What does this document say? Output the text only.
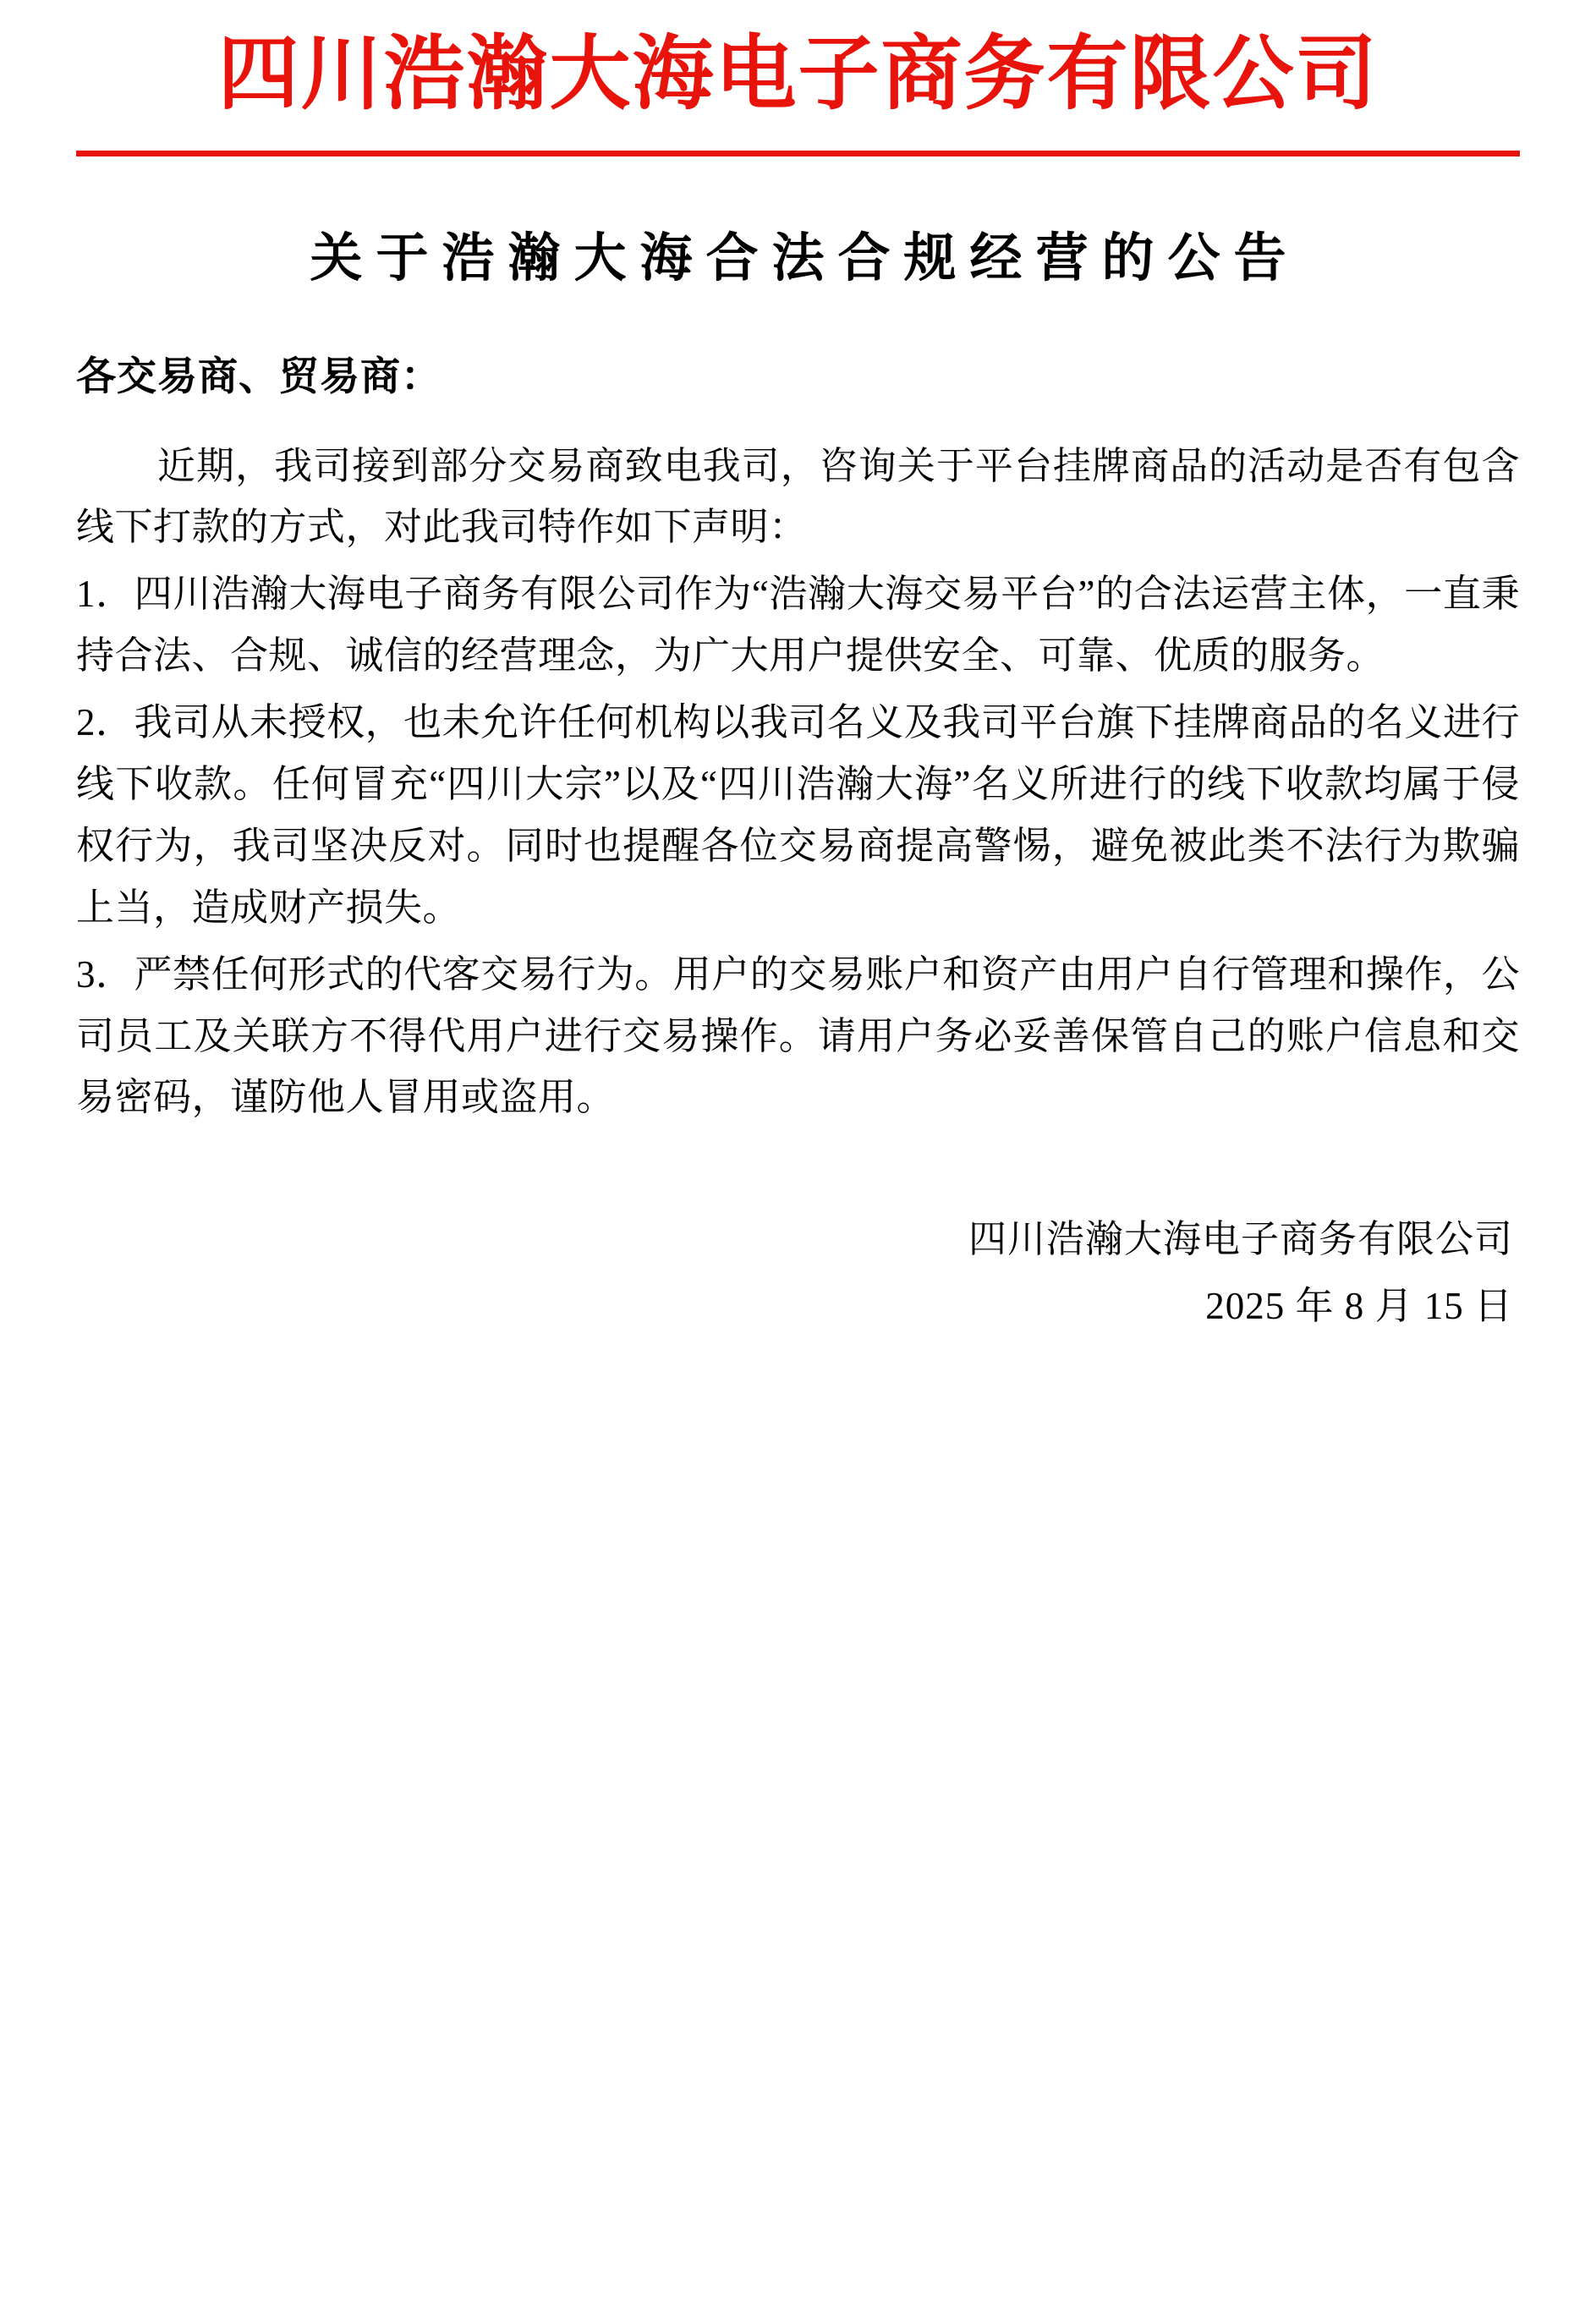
四川浩瀚大海电子商务有限公司
关于浩瀚大海合法合规经营的公告
各交易商、贸易商：

近期，我司接到部分交易商致电我司，咨询关于平台挂牌商品的活动是否有包含线下打款的方式，对此我司特作如下声明：

1．四川浩瀚大海电子商务有限公司作为“浩瀚大海交易平台”的合法运营主体，一直秉持合法、合规、诚信的经营理念，为广大用户提供安全、可靠、优质的服务。

2．我司从未授权，也未允许任何机构以我司名义及我司平台旗下挂牌商品的名义进行线下收款。任何冒充“四川大宗”以及“四川浩瀚大海”名义所进行的线下收款均属于侵权行为，我司坚决反对。同时也提醒各位交易商提高警惕，避免被此类不法行为欺骗上当，造成财产损失。

3．严禁任何形式的代客交易行为。用户的交易账户和资产由用户自行管理和操作，公司员工及关联方不得代用户进行交易操作。请用户务必妥善保管自己的账户信息和交易密码，谨防他人冒用或盗用。

四川浩瀚大海电子商务有限公司
2025 年 8 月 15 日
